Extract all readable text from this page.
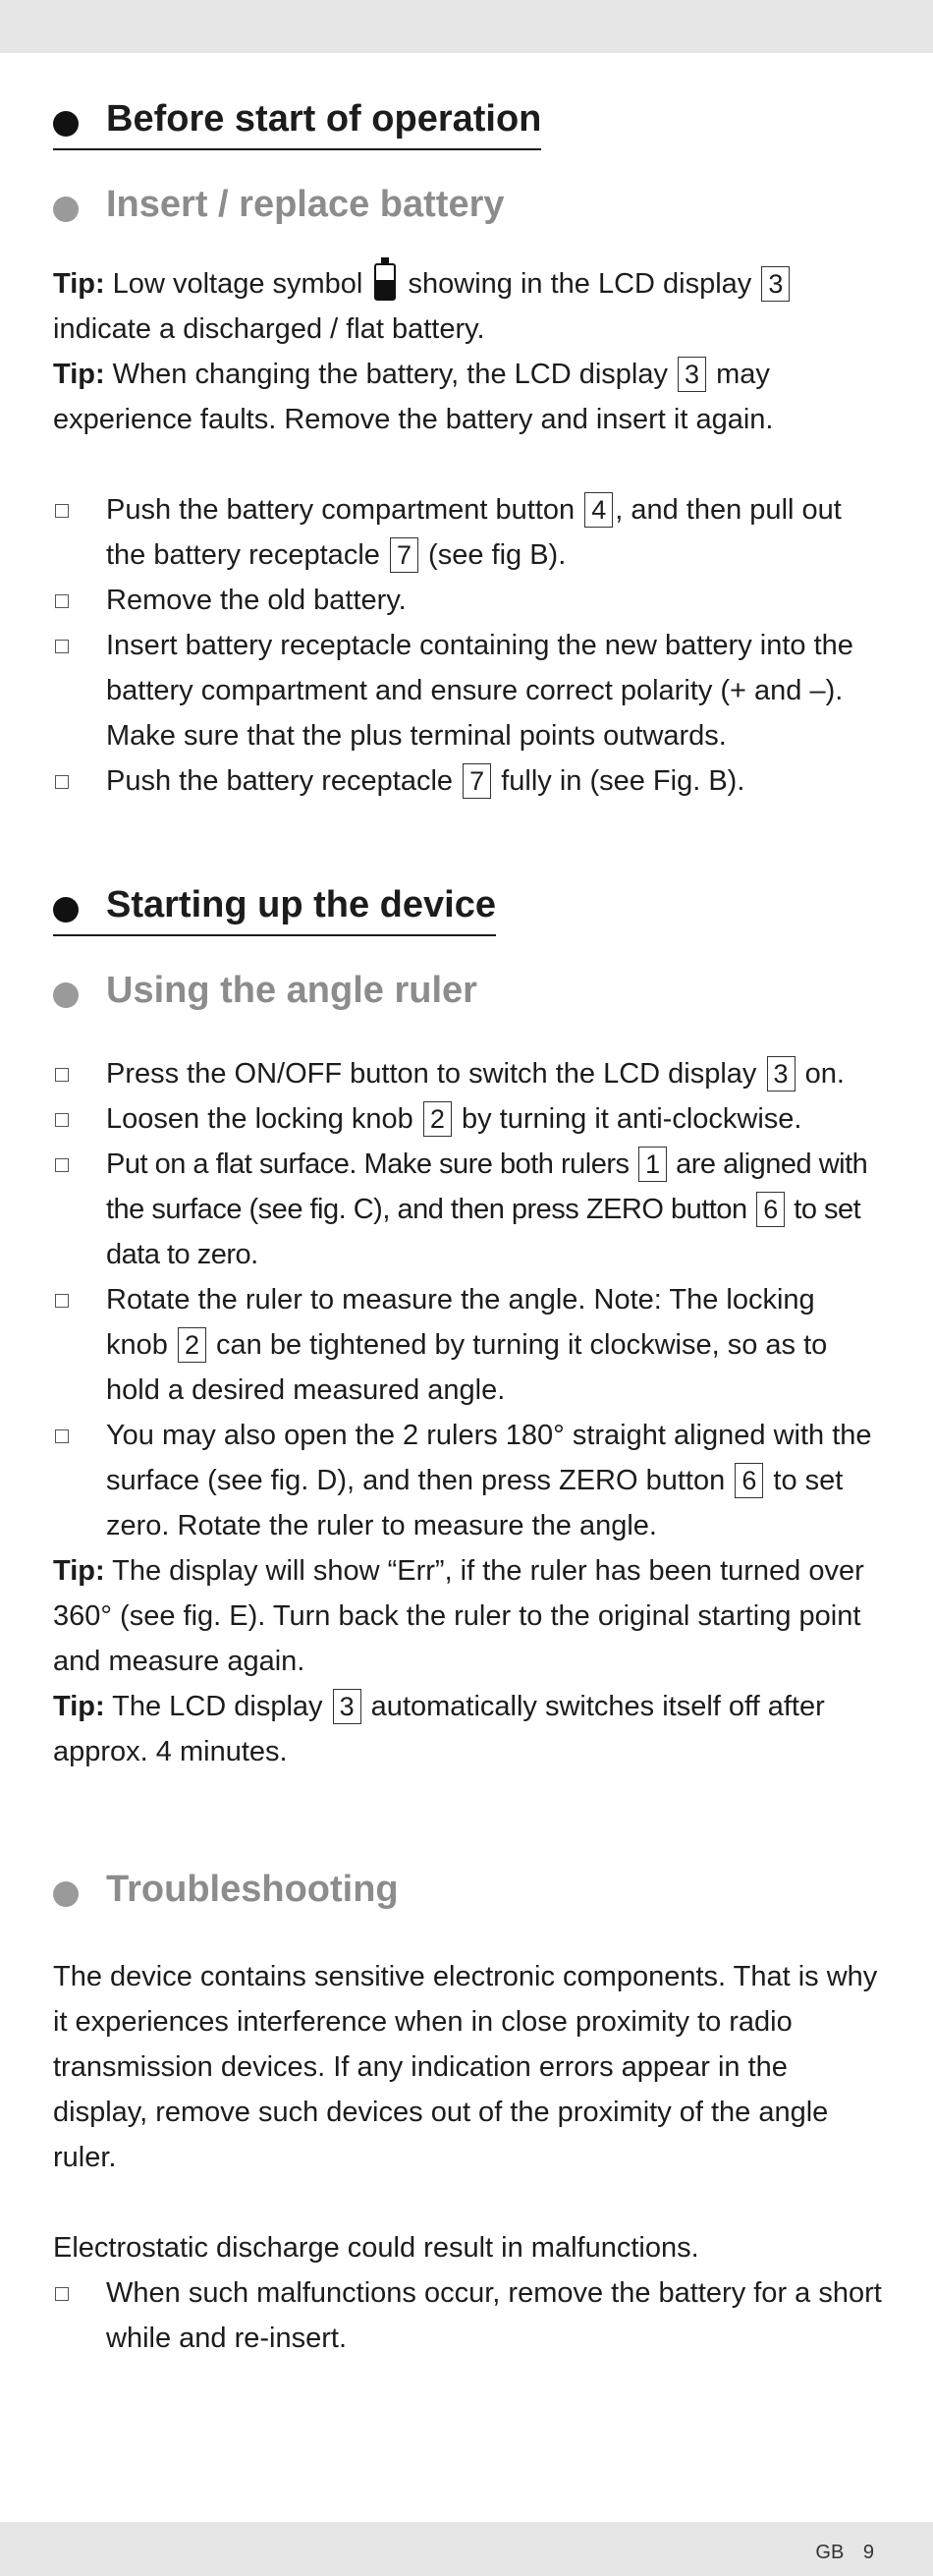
Before start of operation
Insert / replace battery

Tip: Low voltage symbol showing in the LCD display 3
indicate a discharged / flat battery.

Tip: When changing the battery, the LCD display 3 may experience faults. Remove the battery and insert it again.

Push the battery compartment button 4 , and then pull out the battery receptacle 7 (see fig B).
Remove the old battery.
Insert battery receptacle containing the new battery into the battery compartment and ensure correct polarity (+ and –). Make sure that the plus terminal points outwards.
Push the battery receptacle 7 fully in (see Fig. B).
Starting up the device
Using the angle ruler
Press the ON/OFF button to switch the LCD display 3 on.
Loosen the locking knob 2 by turning it anti-clockwise.
Put on a flat surface. Make sure both rulers 1 are aligned with the surface (see fig. C), and then press ZERO button 6 to set data to zero.
Rotate the ruler to measure the angle. Note: The locking knob 2 can be tightened by turning it clockwise, so as to hold a desired measured angle.
You may also open the 2 rulers 180° straight aligned with the surface (see fig. D), and then press ZERO button 6 to set zero. Rotate the ruler to measure the angle.

Tip: The display will show “Err”, if the ruler has been turned over 360° (see fig. E). Turn back the ruler to the original starting point and measure again.

Tip: The LCD display 3 automatically switches itself off after approx. 4 minutes.

Troubleshooting

The device contains sensitive electronic components. That is why it experiences interference when in close proximity to radio transmission devices. If any indication errors appear in the display, remove such devices out of the proximity of the angle ruler.

Electrostatic discharge could result in malfunctions.

When such malfunctions occur, remove the battery for a short while and re-insert.
GB 9
